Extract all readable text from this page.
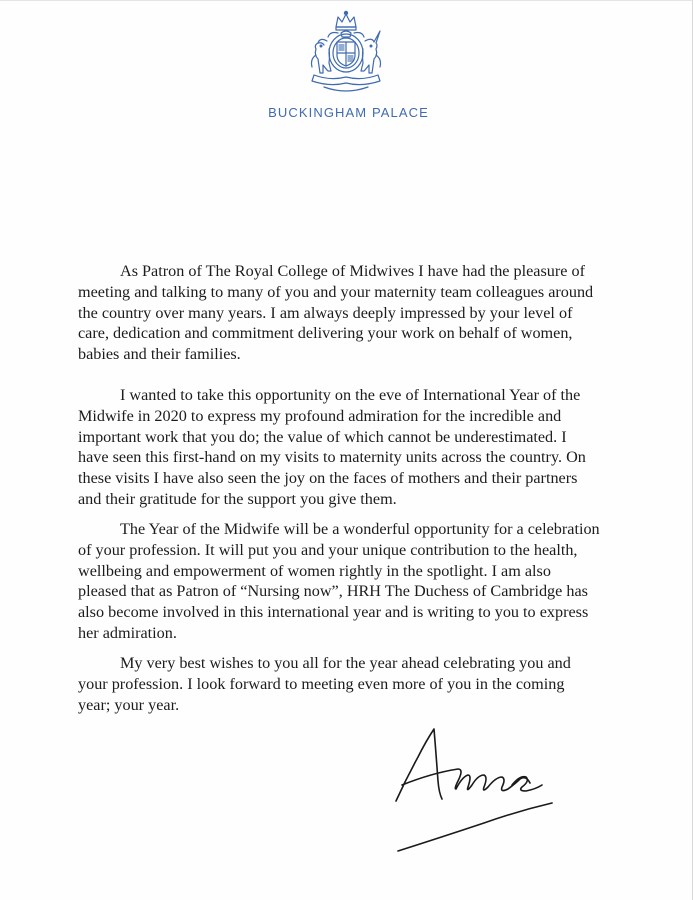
BUCKINGHAM PALACE

As Patron of The Royal College of Midwives I have had the pleasure of
meeting and talking to many of you and your maternity team colleagues around
the country over many years. I am always deeply impressed by your level of
care, dedication and commitment delivering your work on behalf of women,
babies and their families.

I wanted to take this opportunity on the eve of International Year of the
Midwife in 2020 to express my profound admiration for the incredible and
important work that you do; the value of which cannot be underestimated. I
have seen this first-hand on my visits to maternity units across the country. On
these visits I have also seen the joy on the faces of mothers and their partners
and their gratitude for the support you give them.

The Year of the Midwife will be a wonderful opportunity for a celebration
of your profession. It will put you and your unique contribution to the health,
wellbeing and empowerment of women rightly in the spotlight. I am also
pleased that as Patron of “Nursing now”, HRH The Duchess of Cambridge has
also become involved in this international year and is writing to you to express
her admiration.

My very best wishes to you all for the year ahead celebrating you and
your profession. I look forward to meeting even more of you in the coming
year; your year.
